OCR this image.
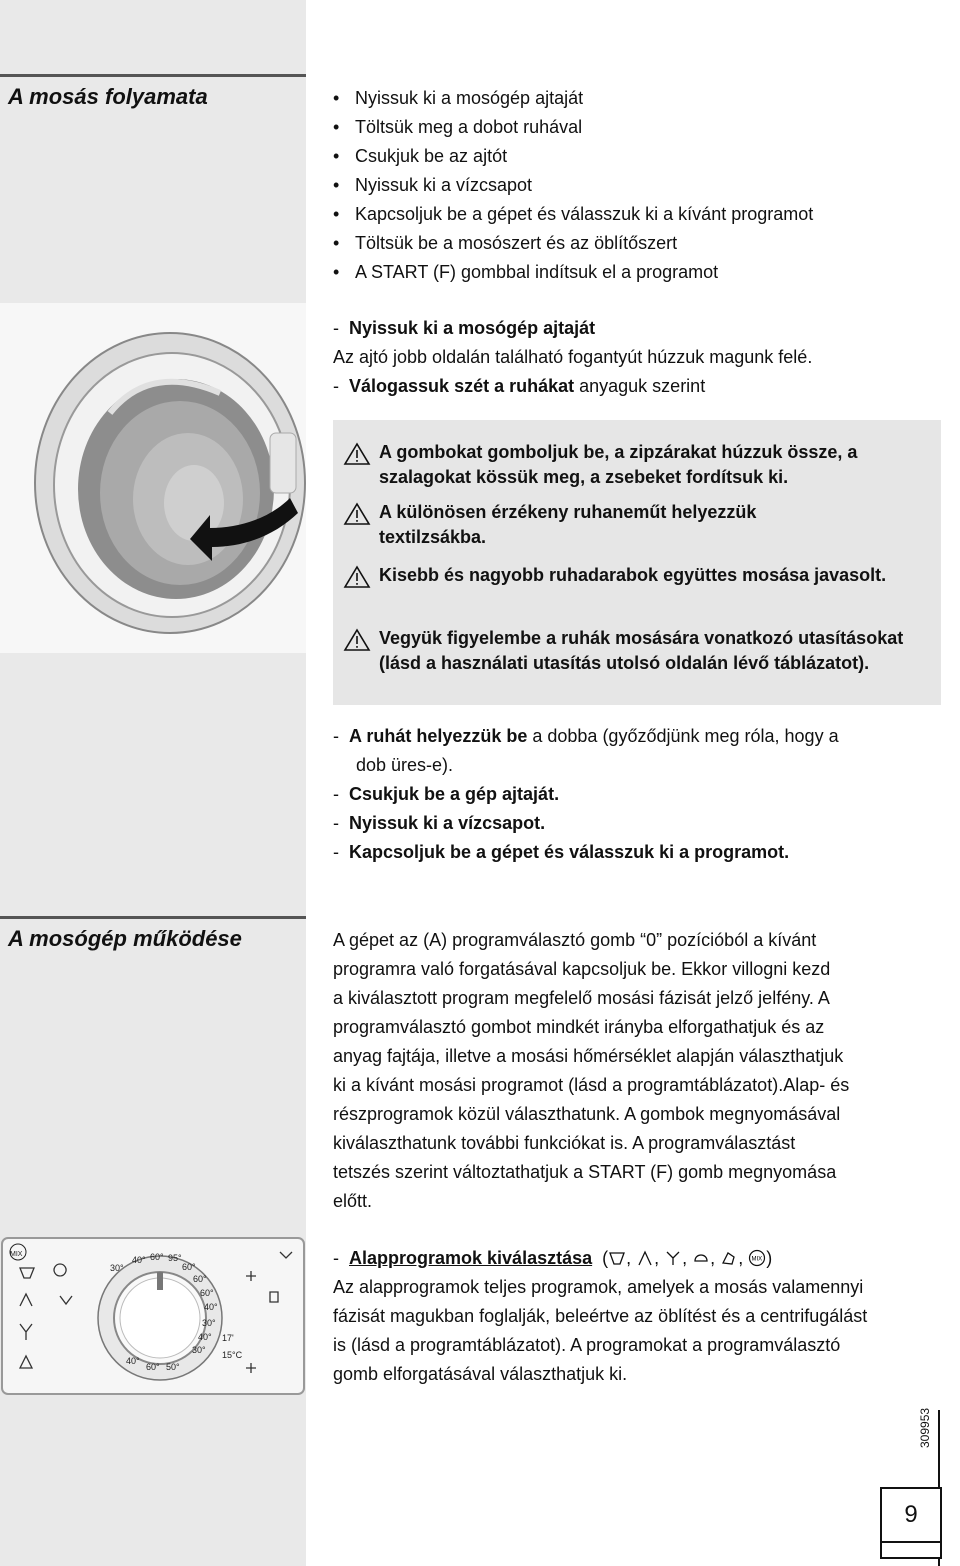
A mosás folyamata
•	Nyissuk ki a mosógép ajtaját
• Töltsük meg a dobot ruhával
• Csukjuk be az ajtót
• Nyissuk ki a vízcsapot
• Kapcsoljuk be a gépet és válasszuk ki a kívánt programot
• Töltsük be a mosószert és az öblítőszert
• A START (F) gombbal indítsuk el a programot
- Nyissuk ki a mosógép ajtaját
Az ajtó jobb oldalán található fogantyút húzzuk magunk felé.
- Válogassuk szét a ruhákat anyaguk szerint
A gombokat gomboljuk be, a zipzárakat húzzuk össze, a szalagokat kössük meg, a zsebeket fordítsuk ki.
A különösen érzékeny ruhaneműt helyezzük textilzsákba.
Kisebb és nagyobb ruhadarabok együttes mosása javasolt.
Vegyük figyelembe a ruhák mosására vonatkozó utasításokat (lásd a használati utasítás utolsó oldalán lévő táblázatot).
-  A ruhát helyezzük be a dobba (győződjünk meg róla, hogy a
dob üres-e).
-  Csukjuk be a gép ajtaját.
-  Nyissuk ki a vízcsapot.
-  Kapcsoljuk be a gépet és válasszuk ki a programot.
A mosógép működése	A gépet az (A) programválasztó gomb “0” pozícióból a kívánt
programra való forgatásával kapcsoljuk be. Ekkor villogni kezd
a kiválasztott program megfelelő mosási fázisát jelző jelfény. A
programválasztó gombot mindkét irányba elforgathatjuk és az
anyag fajtája, illetve a mosási hőmérséklet alapján választhatjuk
ki a kívánt mosási programot (lásd a programtáblázatot).Alap- és
részprogramok közül választhatunk. A gombok megnyomásával
kiválaszthatunk további funkciókat is. A programválasztást
tetszés szerint változtathatjuk a START (F) gomb megnyomása
előtt.
30°
40° 60° 95°
60°
60°
60°
40°
30°
40°
30°
40°
60° 50°
17'
15°C
MIX	- Alapprogramok kiválasztása  ( , , , , , MIX )
Az alapprogramok teljes programok, amelyek a mosás valamennyi
fázisát magukban foglalják, beleértve az öblítést és a centrifugálást
is (lásd a programtáblázatot). A programokat a programválasztó
gomb elforgatásával választhatjuk ki.
309953
9
